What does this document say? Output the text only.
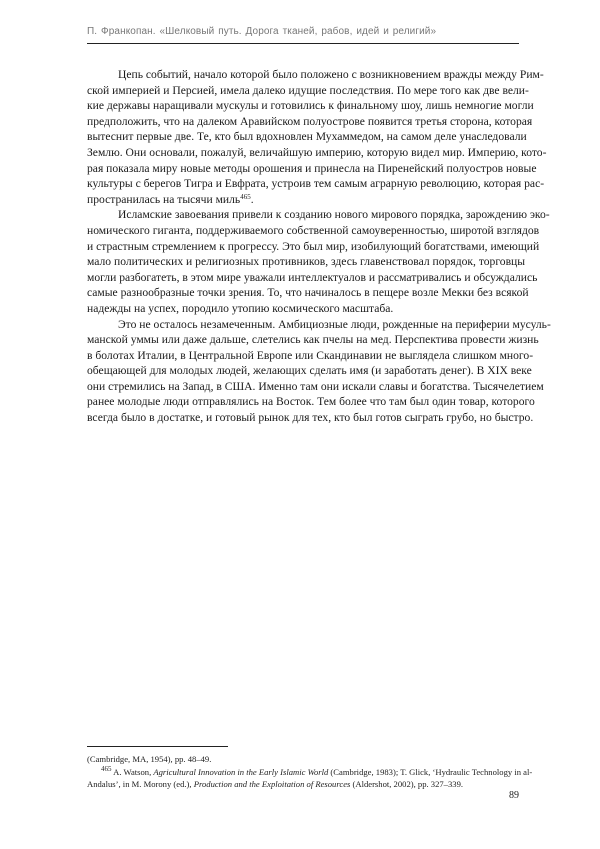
П. Франкопан. «Шелковый путь. Дорога тканей, рабов, идей и религий»
Цепь событий, начало которой было положено с возникновением вражды между Рим-
ской империей и Персией, имела далеко идущие последствия. По мере того как две вели-
кие державы наращивали мускулы и готовились к финальному шоу, лишь немногие могли
предположить, что на далеком Аравийском полуострове появится третья сторона, которая
вытеснит первые две. Те, кто был вдохновлен Мухаммедом, на самом деле унаследовали
Землю. Они основали, пожалуй, величайшую империю, которую видел мир. Империю, кото-
рая показала миру новые методы орошения и принесла на Пиренейский полуостров новые
культуры с берегов Тигра и Евфрата, устроив тем самым аграрную революцию, которая рас-
пространилась на тысячи миль$^{465}$.
Исламские завоевания привели к созданию нового мирового порядка, зарождению эко-
номического гиганта, поддерживаемого собственной самоуверенностью, широтой взглядов
и страстным стремлением к прогрессу. Это был мир, изобилующий богатствами, имеющий
мало политических и религиозных противников, здесь главенствовал порядок, торговцы
могли разбогатеть, в этом мире уважали интеллектуалов и рассматривались и обсуждались
самые разнообразные точки зрения. То, что начиналось в пещере возле Мекки без всякой
надежды на успех, породило утопию космического масштаба.
Это не осталось незамеченным. Амбициозные люди, рожденные на периферии мусуль-
манской уммы или даже дальше, слетелись как пчелы на мед. Перспектива провести жизнь
в болотах Италии, в Центральной Европе или Скандинавии не выглядела слишком много-
обещающей для молодых людей, желающих сделать имя (и заработать денег). В XIX веке
они стремились на Запад, в США. Именно там они искали славы и богатства. Тысячелетием
ранее молодые люди отправлялись на Восток. Тем более что там был один товар, которого
всегда было в достатке, и готовый рынок для тех, кто был готов сыграть грубо, но быстро.
(Cambridge, MA, 1954), pp. 48–49.
$^{465}$ A. Watson, Agricultural Innovation in the Early Islamic World (Cambridge, 1983); T. Glick, ‘Hydraulic Technology in al-
Andalus’, in M. Morony (ed.), Production and the Exploitation of Resources (Aldershot, 2002), pp. 327–339.
89
